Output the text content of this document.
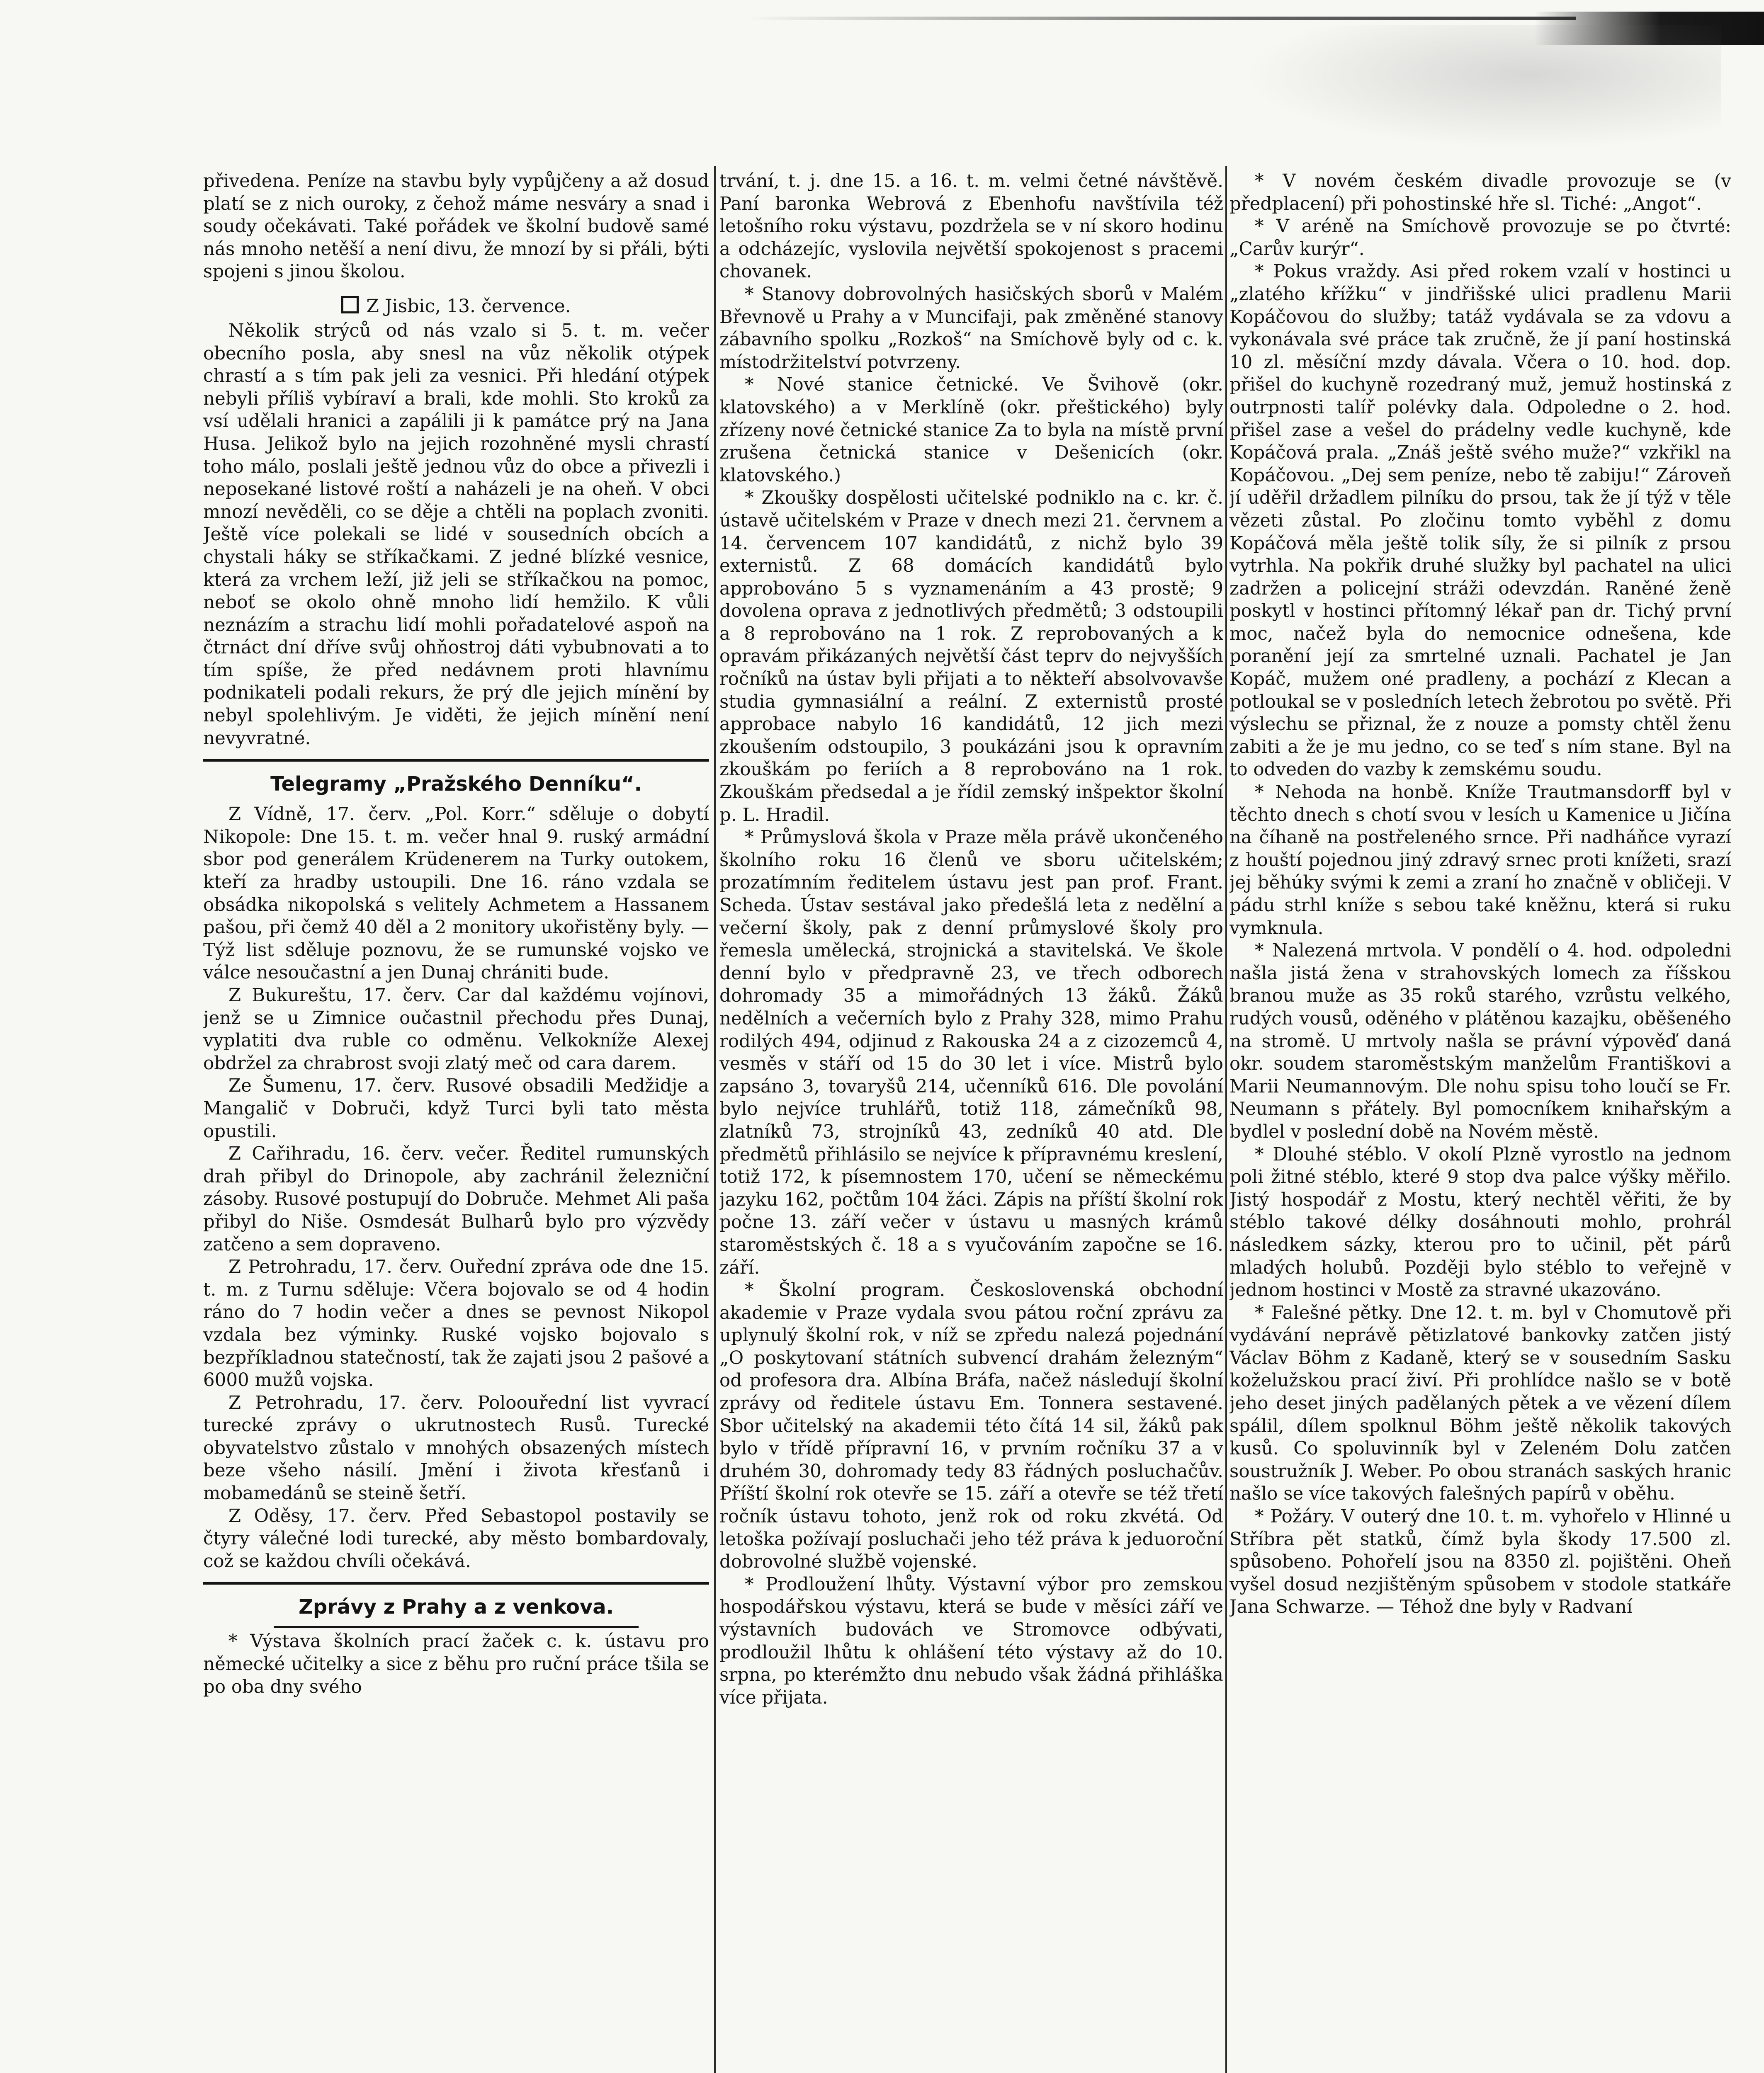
přivedena. Peníze na stavbu byly vypůjčeny a až dosud platí se z nich ouroky, z čehož máme nesváry a snad i soudy očekávati. Také pořádek ve školní budově samé nás mnoho netěší a není divu, že mnozí by si přáli, býti spojeni s jinou školou.

Z Jisbic, 13. července.

Několik strýců od nás vzalo si 5. t. m. večer obecního posla, aby snesl na vůz několik otýpek chrastí a s tím pak jeli za vesnici. Při hledání otýpek nebyli příliš vybíraví a brali, kde mohli. Sto kroků za vsí udělali hranici a zapálili ji k památce prý na Jana Husa. Jelikož bylo na jejich rozohněné mysli chrastí toho málo, poslali ještě jednou vůz do obce a přivezli i neposekané listové roští a naházeli je na oheň. V obci mnozí nevěděli, co se děje a chtěli na poplach zvoniti. Ještě více polekali se lidé v sousedních obcích a chystali háky se stříkačkami. Z jedné blízké vesnice, která za vrchem leží, již jeli se stříkačkou na pomoc, neboť se okolo ohně mnoho lidí hemžilo. K vůli neznázím a strachu lidí mohli pořadatelové aspoň na čtrnáct dní dříve svůj ohňostroj dáti vybubnovati a to tím spíše, že před nedávnem proti hlavnímu podnikateli podali rekurs, že prý dle jejich mínění by nebyl spolehlivým. Je viděti, že jejich mínění není nevyvratné.

Telegramy „Pražského Denníku“.

Z Vídně, 17. červ. „Pol. Korr.“ sděluje o dobytí Nikopole: Dne 15. t. m. večer hnal 9. ruský armádní sbor pod generálem Krüdenerem na Turky outokem, kteří za hradby ustoupili. Dne 16. ráno vzdala se obsádka nikopolská s velitely Achmetem a Hassanem pašou, při čemž 40 děl a 2 monitory ukořistěny byly. — Týž list sděluje poznovu, že se rumunské vojsko ve válce nesoučastní a jen Dunaj chrániti bude.

Z Bukureštu, 17. červ. Car dal každému vojínovi, jenž se u Zimnice oučastnil přechodu přes Dunaj, vyplatiti dva ruble co odměnu. Velkokníže Alexej obdržel za chrabrost svoji zlatý meč od cara darem.

Ze Šumenu, 17. červ. Rusové obsadili Medžidje a Mangalič v Dobruči, když Turci byli tato města opustili.

Z Cařihradu, 16. červ. večer. Ředitel rumunských drah přibyl do Drinopole, aby zachránil železniční zásoby. Rusové postupují do Dobruče. Mehmet Ali paša přibyl do Niše. Osmdesát Bulharů bylo pro výzvědy zatčeno a sem dopraveno.

Z Petrohradu, 17. červ. Ouřední zpráva ode dne 15. t. m. z Turnu sděluje: Včera bojovalo se od 4 hodin ráno do 7 hodin večer a dnes se pevnost Nikopol vzdala bez výminky. Ruské vojsko bojovalo s bezpříkladnou statečností, tak že zajati jsou 2 pašové a 6000 mužů vojska.

Z Petrohradu, 17. červ. Poloouřední list vyvrací turecké zprávy o ukrutnostech Rusů. Turecké obyvatelstvo zůstalo v mnohých obsazených místech beze všeho násilí. Jmění i života křesťanů i mobamedánů se steině šetří.

Z Oděsy, 17. červ. Před Sebastopol postavily se čtyry válečné lodi turecké, aby město bombardovaly, což se každou chvíli očekává.

Zprávy z Prahy a z venkova.

* Výstava školních prací žaček c. k. ústavu pro německé učitelky a sice z běhu pro ruční práce tšila se po oba dny svého

trvání, t. j. dne 15. a 16. t. m. velmi četné návštěvě. Paní baronka Webrová z Ebenhofu navštívila též letošního roku výstavu, pozdržela se v ní skoro hodinu a odcházejíc, vyslovila největší spokojenost s pracemi chovanek.

* Stanovy dobrovolných hasičských sborů v Malém Břevnově u Prahy a v Muncifaji, pak změněné stanovy zábavního spolku „Rozkoš“ na Smíchově byly od c. k. místodržitelství potvrzeny.

* Nové stanice četnické. Ve Švihově (okr. klatovského) a v Merklíně (okr. přeštického) byly zřízeny nové četnické stanice Za to byla na místě první zrušena četnická stanice v Dešenicích (okr. klatovského.)

* Zkoušky dospělosti učitelské podniklo na c. kr. č. ústavě učitelském v Praze v dnech mezi 21. červnem a 14. červencem 107 kandidátů, z nichž bylo 39 externistů. Z 68 domácích kandidátů bylo approbováno 5 s vyznamenáním a 43 prostě; 9 dovolena oprava z jednotlivých předmětů; 3 odstoupili a 8 reprobováno na 1 rok. Z reprobovaných a k opravám přikázaných největší část teprv do nejvyšších ročníků na ústav byli přijati a to někteří absolvovavše studia gymnasiální a reální. Z externistů prosté approbace nabylo 16 kandidátů, 12 jich mezi zkoušením odstoupilo, 3 poukázáni jsou k opravním zkouškám po feriích a 8 reprobováno na 1 rok. Zkouškám předsedal a je řídil zemský inšpektor školní p. L. Hradil.

* Průmyslová škola v Praze měla právě ukončeného školního roku 16 členů ve sboru učitelském; prozatímním ředitelem ústavu jest pan prof. Frant. Scheda. Ústav sestával jako předešlá leta z nedělní a večerní školy, pak z denní průmyslové školy pro řemesla umělecká, strojnická a stavitelská. Ve škole denní bylo v předpravně 23, ve třech odborech dohromady 35 a mimořádných 13 žáků. Žáků nedělních a večerních bylo z Prahy 328, mimo Prahu rodilých 494, odjinud z Rakouska 24 a z cizozemců 4, vesměs v stáří od 15 do 30 let i více. Mistrů bylo zapsáno 3, tovaryšů 214, učenníků 616. Dle povolání bylo nejvíce truhlářů, totiž 118, zámečníků 98, zlatníků 73, strojníků 43, zedníků 40 atd. Dle předmětů přihlásilo se nejvíce k přípravnému kreslení, totiž 172, k písemnostem 170, učení se německému jazyku 162, počtům 104 žáci. Zápis na příští školní rok počne 13. září večer v ústavu u masných krámů staroměstských č. 18 a s vyučováním započne se 16. září.

* Školní program. Československá obchodní akademie v Praze vydala svou pátou roční zprávu za uplynulý školní rok, v níž se zpředu nalezá pojednání „O poskytovaní státních subvencí drahám železným“ od profesora dra. Albína Bráfa, načež následují školní zprávy od ředitele ústavu Em. Tonnera sestavené. Sbor učitelský na akademii této čítá 14 sil, žáků pak bylo v třídě přípravní 16, v prvním ročníku 37 a v druhém 30, dohromady tedy 83 řádných posluchačův. Příští školní rok otevře se 15. září a otevře se též třetí ročník ústavu tohoto, jenž rok od roku zkvétá. Od letoška požívají posluchači jeho též práva k jeduoroční dobrovolné službě vojenské.

* Prodloužení lhůty. Výstavní výbor pro zemskou hospodářskou výstavu, která se bude v měsíci září ve výstavních budovách ve Stromovce odbývati, prodloužil lhůtu k ohlášení této výstavy až do 10. srpna, po kterémžto dnu nebudo však žádná přihláška více přijata.

* V novém českém divadle provozuje se (v předplacení) při pohostinské hře sl. Tiché: „Angot“.

* V aréně na Smíchově provozuje se po čtvrté: „Carův kurýr“.

* Pokus vraždy. Asi před rokem vzalí v hostinci u „zlatého křížku“ v jindřišské ulici pradlenu Marii Kopáčovou do služby; tatáž vydávala se za vdovu a vykonávala své práce tak zručně, že jí paní hostinská 10 zl. měsíční mzdy dávala. Včera o 10. hod. dop. přišel do kuchyně rozedraný muž, jemuž hostinská z outrpnosti talíř polévky dala. Odpoledne o 2. hod. přišel zase a vešel do prádelny vedle kuchyně, kde Kopáčová prala. „Znáš ještě svého muže?“ vzkřikl na Kopáčovou. „Dej sem peníze, nebo tě zabiju!“ Zároveň jí uděřil držadlem pilníku do prsou, tak že jí týž v těle vězeti zůstal. Po zločinu tomto vyběhl z domu Kopáčová měla ještě tolik síly, že si pilník z prsou vytrhla. Na pokřik druhé služky byl pachatel na ulici zadržen a policejní stráži odevzdán. Raněné ženě poskytl v hostinci přítomný lékař pan dr. Tichý první moc, načež byla do nemocnice odnešena, kde poranění její za smrtelné uznali. Pachatel je Jan Kopáč, mužem oné pradleny, a pochází z Klecan a potloukal se v posledních letech žebrotou po světě. Při výslechu se přiznal, že z nouze a pomsty chtěl ženu zabiti a že je mu jedno, co se teď s ním stane. Byl na to odveden do vazby k zemskému soudu.

* Nehoda na honbě. Kníže Trautmansdorff byl v těchto dnech s chotí svou v lesích u Kamenice u Jičína na číhaně na postřeleného srnce. Při nadháňce vyrazí z houští pojednou jiný zdravý srnec proti knížeti, srazí jej běhúky svými k zemi a zraní ho značně v obličeji. V pádu strhl kníže s sebou také kněžnu, která si ruku vymknula.

* Nalezená mrtvola. V pondělí o 4. hod. odpoledni našla jistá žena v strahovských lomech za říšskou branou muže as 35 roků starého, vzrůstu velkého, rudých vousů, oděného v plátěnou kazajku, oběšeného na stromě. U mrtvoly našla se právní výpověď daná okr. soudem staroměstským manželům Františkovi a Marii Neumannovým. Dle nohu spisu toho loučí se Fr. Neumann s přátely. Byl pomocníkem knihařským a bydlel v poslední době na Novém městě.

* Dlouhé stéblo. V okolí Plzně vyrostlo na jednom poli žitné stéblo, které 9 stop dva palce výšky měřilo. Jistý hospodář z Mostu, který nechtěl věřiti, že by stéblo takové délky dosáhnouti mohlo, prohrál následkem sázky, kterou pro to učinil, pět párů mladých holubů. Později bylo stéblo to veřejně v jednom hostinci v Mostě za stravné ukazováno.

* Falešné pětky. Dne 12. t. m. byl v Chomutově při vydávání neprávě pětizlatové bankovky zatčen jistý Václav Böhm z Kadaně, který se v sousedním Sasku koželužskou prací živí. Při prohlídce našlo se v botě jeho deset jiných padělaných pětek a ve vězení dílem spálil, dílem spolknul Böhm ještě několik takových kusů. Co spoluvinník byl v Zeleném Dolu zatčen soustružník J. Weber. Po obou stranách saských hranic našlo se více takových falešných papírů v oběhu.

* Požáry. V outerý dne 10. t. m. vyhořelo v Hlinné u Stříbra pět statků, čímž byla škody 17.500 zl. spůsobeno. Pohořelí jsou na 8350 zl. pojištěni. Oheň vyšel dosud nezjištěným spůsobem v stodole statkáře Jana Schwarze. — Téhož dne byly v Radvaní
